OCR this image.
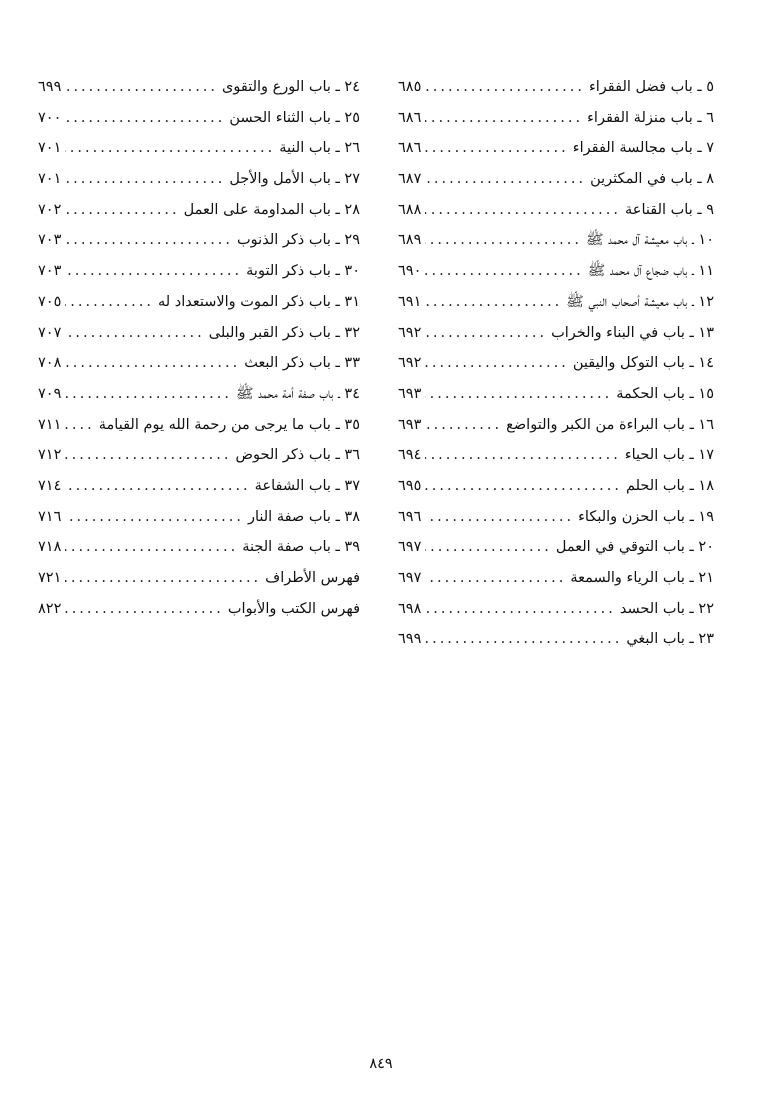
٥ ـ باب فضل الفقراء
.....
٦٨٥
٦ ـ باب منزلة الفقراء
.....
٦٨٦
٧ ـ باب مجالسة الفقراء
.....
٦٨٦
٨ ـ باب في المكثرين
.....
٦٨٧
٩ ـ باب القناعة
.....
٦٨٨
١٠ ـ باب معيشة آل محمد ﷺ
.....
٦٨٩
١١ ـ باب ضجاع آل محمد ﷺ
.....
٦٩٠
١٢ ـ باب معيشة أصحاب النبي ﷺ
.....
٦٩١
١٣ ـ باب في البناء والخراب
.....
٦٩٢
١٤ ـ باب التوكل واليقين
.....
٦٩٢
١٥ ـ باب الحكمة
.....
٦٩٣
١٦ ـ باب البراءة من الكبر والتواضع
.....
٦٩٣
١٧ ـ باب الحياء
.....
٦٩٤
١٨ ـ باب الحلم
.....
٦٩٥
١٩ ـ باب الحزن والبكاء
.....
٦٩٦
٢٠ ـ باب التوقي في العمل
.....
٦٩٧
٢١ ـ باب الرياء والسمعة
.....
٦٩٧
٢٢ ـ باب الحسد
.....
٦٩٨
٢٣ ـ باب البغي
.....
٦٩٩
٢٤ ـ باب الورع والتقوى
.....
٦٩٩
٢٥ ـ باب الثناء الحسن
.....
٧٠٠
٢٦ ـ باب النية
.....
٧٠١
٢٧ ـ باب الأمل والأجل
.....
٧٠١
٢٨ ـ باب المداومة على العمل
.....
٧٠٢
٢٩ ـ باب ذكر الذنوب
.....
٧٠٣
٣٠ ـ باب ذكر التوبة
.....
٧٠٣
٣١ ـ باب ذكر الموت والاستعداد له
.....
٧٠٥
٣٢ ـ باب ذكر القبر والبلى
.....
٧٠٧
٣٣ ـ باب ذكر البعث
.....
٧٠٨
٣٤ ـ باب صفة أمة محمد ﷺ
.....
٧٠٩
٣٥ ـ باب ما يرجى من رحمة الله يوم القيامة
.....
٧١١
٣٦ ـ باب ذكر الحوض
.....
٧١٢
٣٧ ـ باب الشفاعة
.....
٧١٤
٣٨ ـ باب صفة النار
.....
٧١٦
٣٩ ـ باب صفة الجنة
.....
٧١٨
فهرس الأطراف
.....
٧٢١
فهرس الكتب والأبواب
.....
٨٢٢
٨٤٩
